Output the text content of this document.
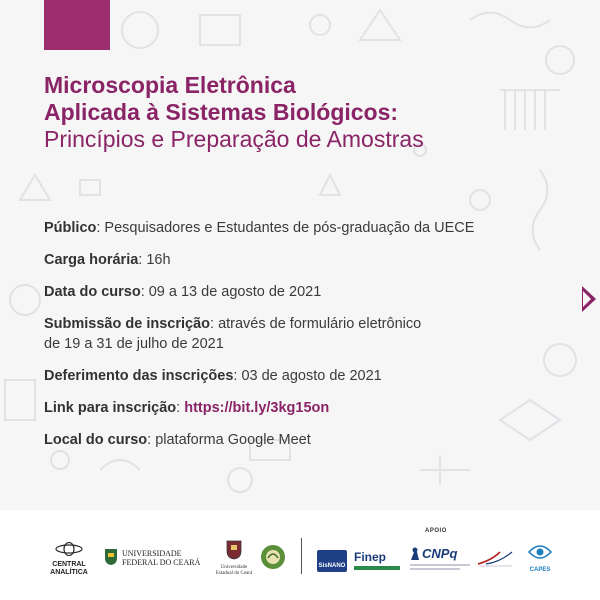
Microscopia Eletrônica
Aplicada à Sistemas Biológicos:
Princípios e Preparação de Amostras
Público: Pesquisadores e Estudantes de pós-graduação da UECE
Carga horária: 16h
Data do curso: 09 a 13 de agosto de 2021
Submissão de inscrição: através de formulário eletrônico
de 19 a 31 de julho de 2021
Deferimento das inscrições: 03 de agosto de 2021
Link para inscrição: https://bit.ly/3kg15on
Local do curso: plataforma Google Meet
CENTRAL
ANALÍTICA
UNIVERSIDADE
FEDERAL DO CEARÁ
Universidade
Estadual do Ceará
APOIO
SisNANO
Finep	CNPq
CAPES
